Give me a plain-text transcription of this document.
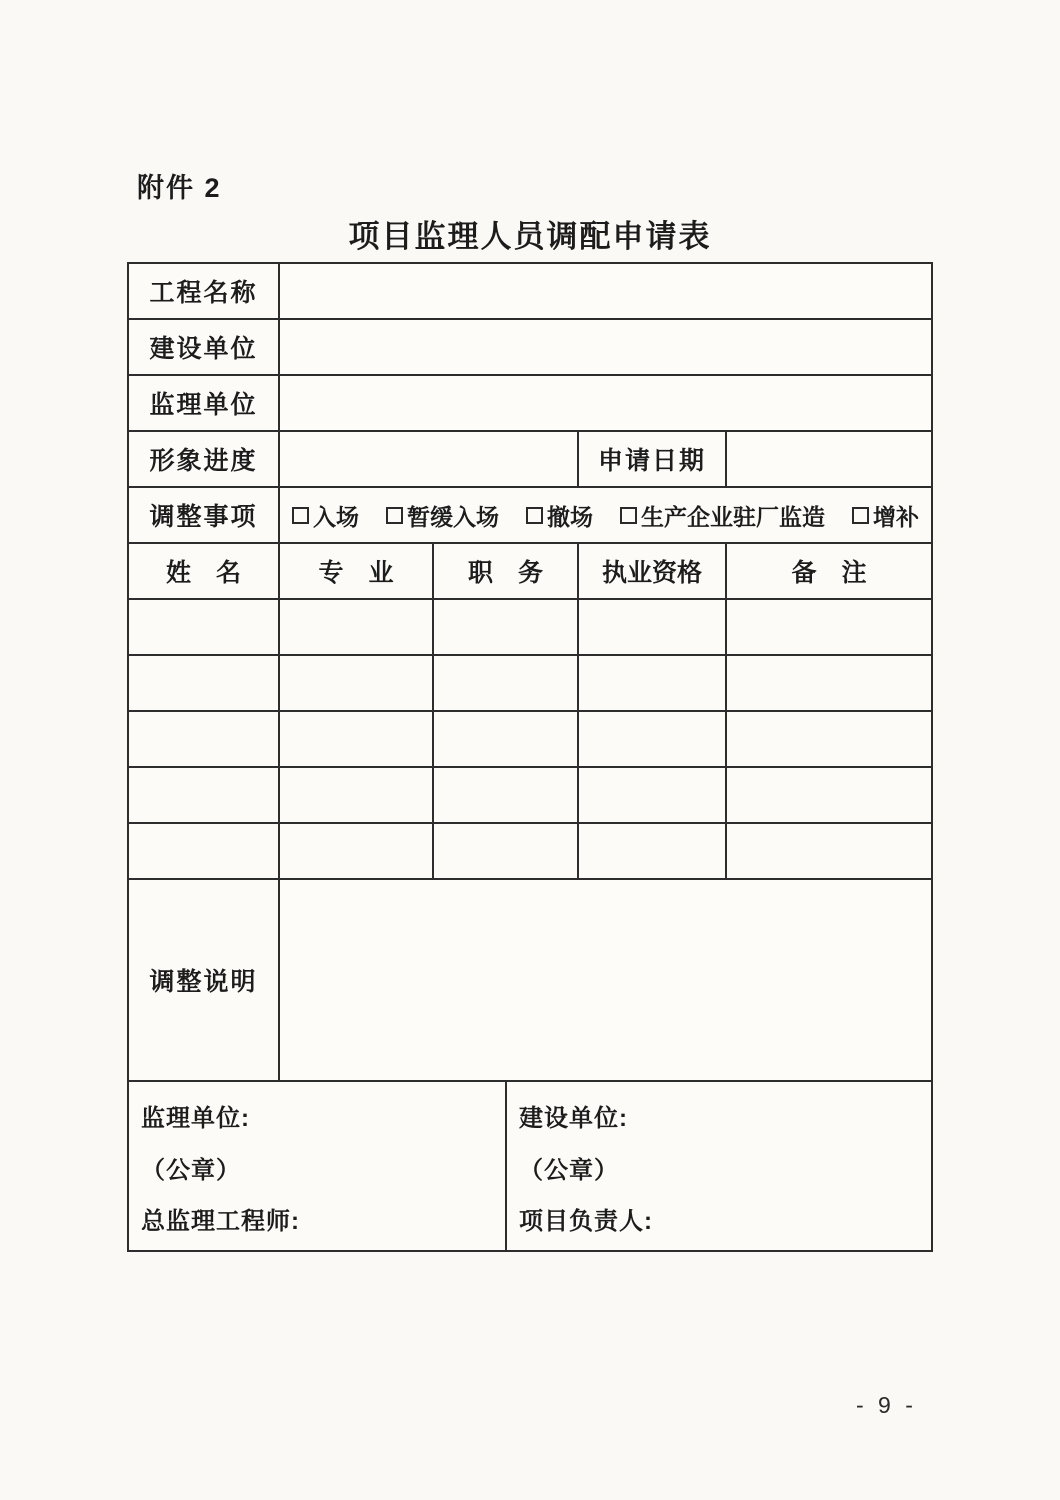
附件 2
项目监理人员调配申请表
工程名称
建设单位
监理单位
形象进度	申请日期
调整事项	入场 暂缓入场 撤场 生产企业驻厂监造 增补
姓　名	专　业	职　务	执业资格	备　注
调整说明
监理单位:
（公章）
总监理工程师:
建设单位:
（公章）
项目负责人:
- 9 -
